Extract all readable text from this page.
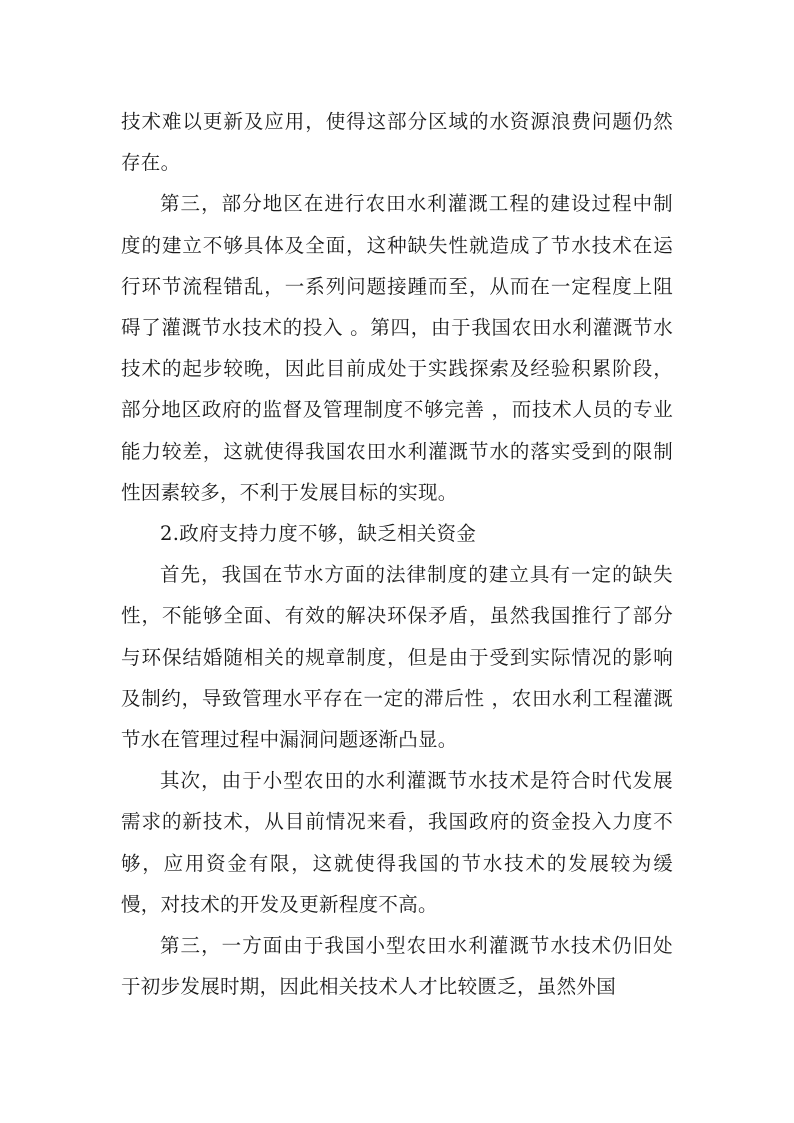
技术难以更新及应用，使得这部分区域的水资源浪费问题仍然存在。

第三，部分地区在进行农田水利灌溉工程的建设过程中制度的建立不够具体及全面，这种缺失性就造成了节水技术在运行环节流程错乱，一系列问题接踵而至，从而在一定程度上阻碍了灌溉节水技术的投入 。第四，由于我国农田水利灌溉节水技术的起步较晚，因此目前成处于实践探索及经验积累阶段，部分地区政府的监督及管理制度不够完善 ，而技术人员的专业能力较差，这就使得我国农田水利灌溉节水的落实受到的限制性因素较多，不利于发展目标的实现。

2.政府支持力度不够，缺乏相关资金

首先，我国在节水方面的法律制度的建立具有一定的缺失性，不能够全面、有效的解决环保矛盾，虽然我国推行了部分与环保结婚随相关的规章制度，但是由于受到实际情况的影响及制约，导致管理水平存在一定的滞后性 ，农田水利工程灌溉节水在管理过程中漏洞问题逐渐凸显。

其次，由于小型农田的水利灌溉节水技术是符合时代发展需求的新技术，从目前情况来看，我国政府的资金投入力度不够，应用资金有限，这就使得我国的节水技术的发展较为缓慢，对技术的开发及更新程度不高。

第三，一方面由于我国小型农田水利灌溉节水技术仍旧处于初步发展时期，因此相关技术人才比较匮乏，虽然外国
